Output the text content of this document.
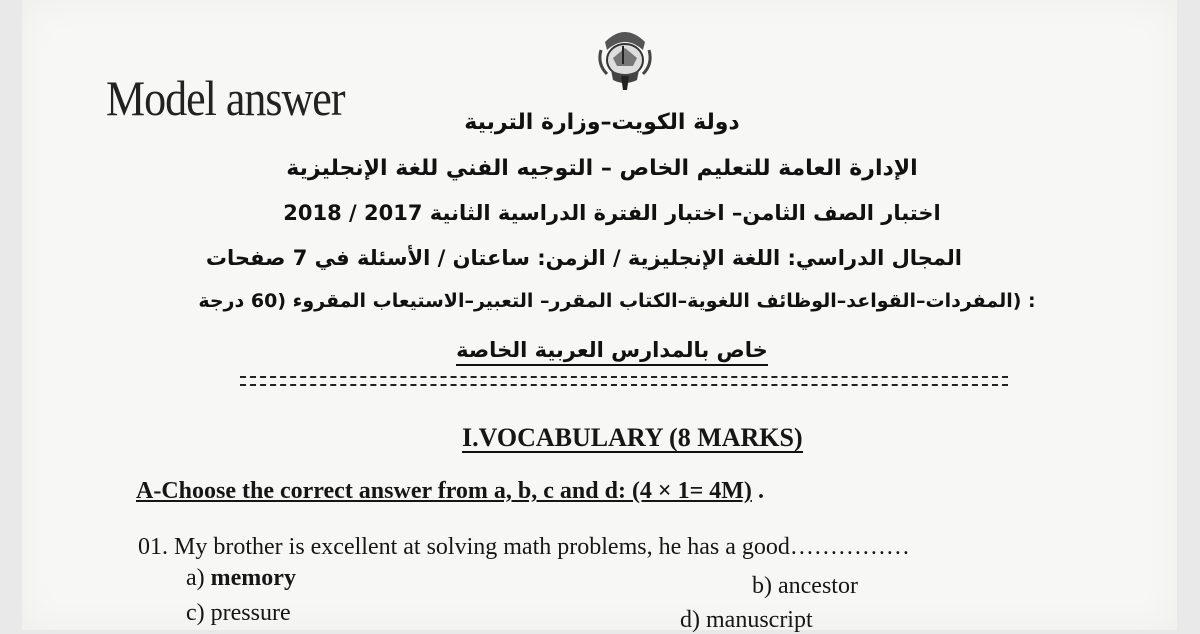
Model answer	دولة الكويت–وزارة التربية
الإدارة العامة للتعليم الخاص – التوجيه الفني للغة الإنجليزية
اختبار الصف الثامن– اختبار الفترة الدراسية الثانية 2017 / 2018
المجال الدراسي: اللغة الإنجليزية / الزمن: ساعتان / الأسئلة في 7 صفحات
: (المفردات–القواعد–الوظائف اللغوية–الكتاب المقرر– التعبير–الاستيعاب المقروء (60 درجة
خاص بالمدارس العربية الخاصة
I.VOCABULARY (8 MARKS)
A-Choose the correct answer from a, b, c and d: (4 × 1= 4M) .
01. My brother is excellent at solving math problems, he has a good……………
a) memory	b) ancestor
c) pressure	d) manuscript
